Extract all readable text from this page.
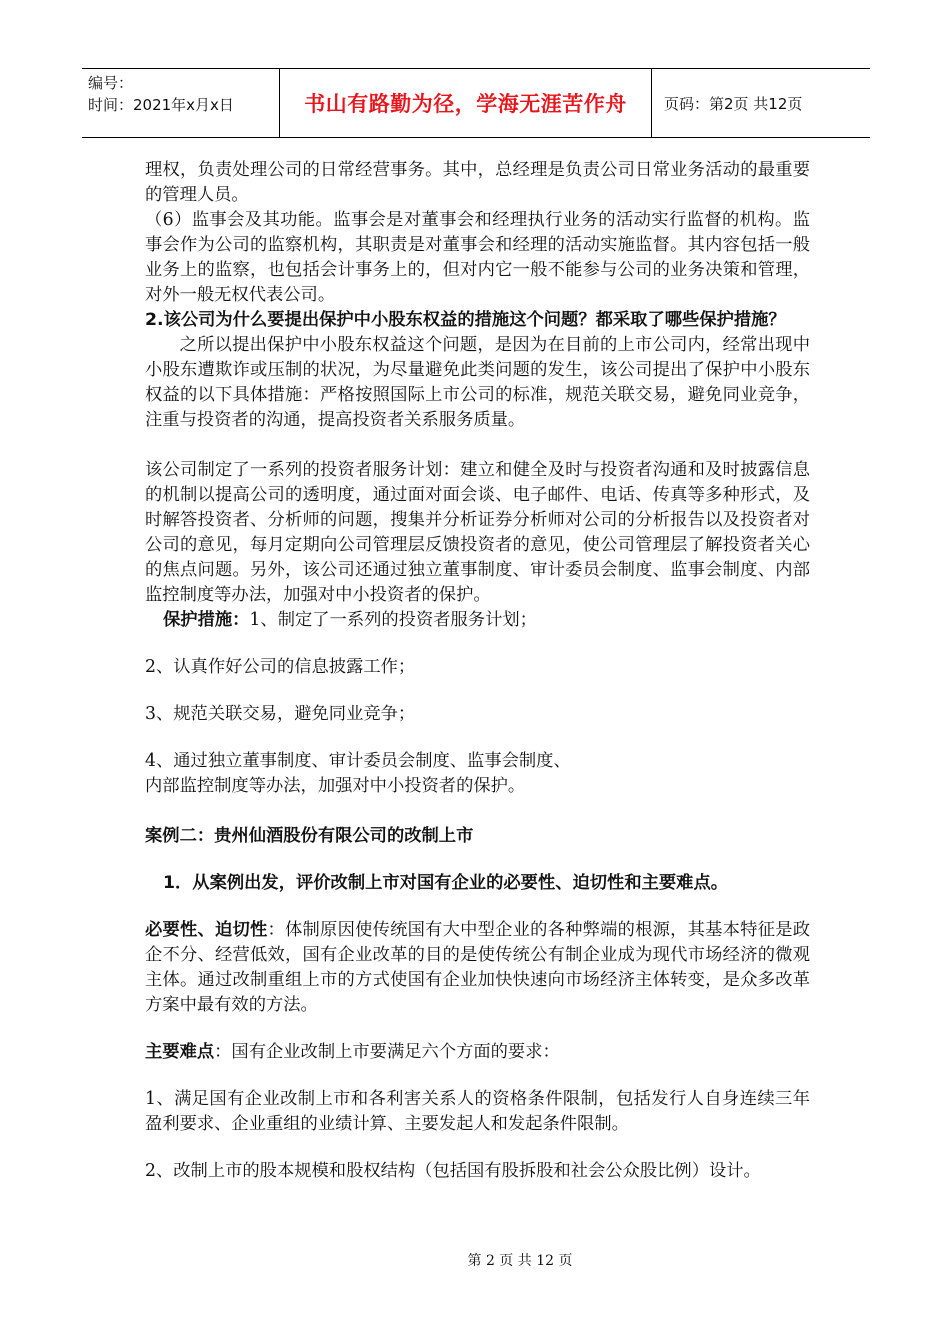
编号：
时间：2021年x月x日	书山有路勤为径，学海无涯苦作舟	页码：第2页 共12页

理权，负责处理公司的日常经营事务。其中，总经理是负责公司日常业务活动的最重要的管理人员。

（6）监事会及其功能。监事会是对董事会和经理执行业务的活动实行监督的机构。监事会作为公司的监察机构，其职责是对董事会和经理的活动实施监督。其内容包括一般业务上的监察，也包括会计事务上的，但对内它一般不能参与公司的业务决策和管理，对外一般无权代表公司。

2.该公司为什么要提出保护中小股东权益的措施这个问题？都采取了哪些保护措施？

之所以提出保护中小股东权益这个问题，是因为在目前的上市公司内，经常出现中小股东遭欺诈或压制的状况，为尽量避免此类问题的发生，该公司提出了保护中小股东权益的以下具体措施：严格按照国际上市公司的标准，规范关联交易，避免同业竞争，注重与投资者的沟通，提高投资者关系服务质量。

该公司制定了一系列的投资者服务计划：建立和健全及时与投资者沟通和及时披露信息的机制以提高公司的透明度，通过面对面会谈、电子邮件、电话、传真等多种形式，及时解答投资者、分析师的问题，搜集并分析证券分析师对公司的分析报告以及投资者对公司的意见，每月定期向公司管理层反馈投资者的意见，使公司管理层了解投资者关心的焦点问题。另外，该公司还通过独立董事制度、审计委员会制度、监事会制度、内部监控制度等办法，加强对中小投资者的保护。

保护措施：1、制定了一系列的投资者服务计划；

2、认真作好公司的信息披露工作；

3、规范关联交易，避免同业竞争；

4、通过独立董事制度、审计委员会制度、监事会制度、

内部监控制度等办法，加强对中小投资者的保护。

案例二：贵州仙酒股份有限公司的改制上市

1．从案例出发，评价改制上市对国有企业的必要性、迫切性和主要难点。

必要性、迫切性：体制原因使传统国有大中型企业的各种弊端的根源，其基本特征是政企不分、经营低效，国有企业改革的目的是使传统公有制企业成为现代市场经济的微观主体。通过改制重组上市的方式使国有企业加快快速向市场经济主体转变，是众多改革方案中最有效的方法。

主要难点：国有企业改制上市要满足六个方面的要求：

1、满足国有企业改制上市和各利害关系人的资格条件限制，包括发行人自身连续三年盈利要求、企业重组的业绩计算、主要发起人和发起条件限制。

2、改制上市的股本规模和股权结构（包括国有股拆股和社会公众股比例）设计。

第 2 页 共 12 页
